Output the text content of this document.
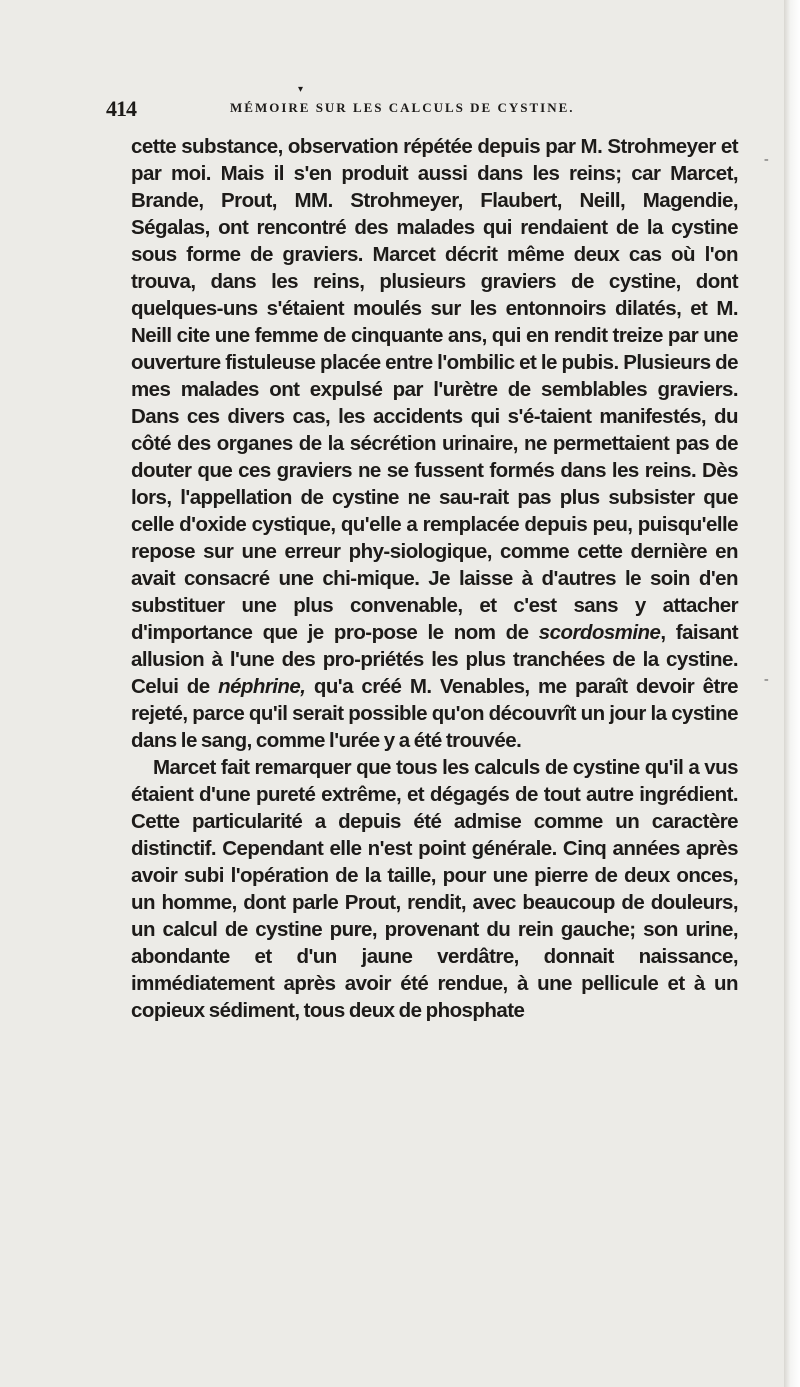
414	MÉMOIRE SUR LES CALCULS DE CYSTINE.
▾
-
-

cette substance, observation répétée depuis par M. Strohmeyer et par moi. Mais il s'en produit aussi dans les reins; car Marcet, Brande, Prout, MM. Strohmeyer, Flaubert, Neill, Magendie, Ségalas, ont rencontré des malades qui rendaient de la cystine sous forme de graviers. Marcet décrit même deux cas où l'on trouva, dans les reins, plusieurs graviers de cystine, dont quelques-uns s'étaient moulés sur les entonnoirs dilatés, et M. Neill cite une femme de cinquante ans, qui en rendit treize par une ouverture fistuleuse placée entre l'ombilic et le pubis. Plusieurs de mes malades ont expulsé par l'urètre de semblables graviers. Dans ces divers cas, les accidents qui s'é-taient manifestés, du côté des organes de la sécrétion urinaire, ne permettaient pas de douter que ces graviers ne se fussent formés dans les reins. Dès lors, l'appellation de cystine ne sau-rait pas plus subsister que celle d'oxide cystique, qu'elle a remplacée depuis peu, puisqu'elle repose sur une erreur phy-siologique, comme cette dernière en avait consacré une chi-mique. Je laisse à d'autres le soin d'en substituer une plus convenable, et c'est sans y attacher d'importance que je pro-pose le nom de scordosmine, faisant allusion à l'une des pro-priétés les plus tranchées de la cystine. Celui de néphrine, qu'a créé M. Venables, me paraît devoir être rejeté, parce qu'il serait possible qu'on découvrît un jour la cystine dans le sang, comme l'urée y a été trouvée.

Marcet fait remarquer que tous les calculs de cystine qu'il a vus étaient d'une pureté extrême, et dégagés de tout autre ingrédient. Cette particularité a depuis été admise comme un caractère distinctif. Cependant elle n'est point générale. Cinq années après avoir subi l'opération de la taille, pour une pierre de deux onces, un homme, dont parle Prout, rendit, avec beaucoup de douleurs, un calcul de cystine pure, provenant du rein gauche; son urine, abondante et d'un jaune verdâtre, donnait naissance, immédiatement après avoir été rendue, à une pellicule et à un copieux sédiment, tous deux de phosphate
